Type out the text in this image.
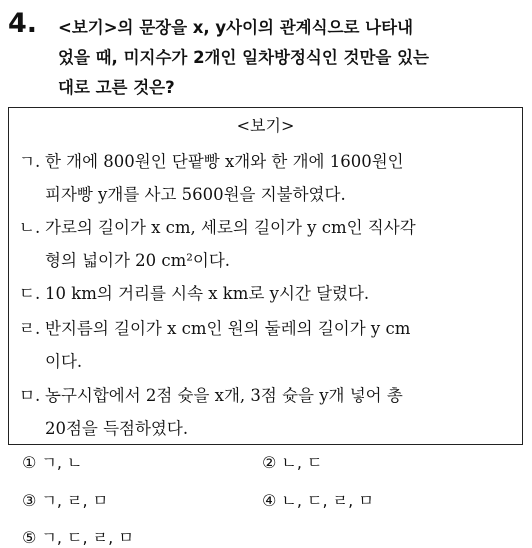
4. <보기>의 문장을 x, y사이의 관계식으로 나타내
었을 때, 미지수가 2개인 일차방정식인 것만을 있는
대로 고른 것은?
<보기>
ㄱ. 한 개에 800원인 단팥빵 x개와 한 개에 1600원인
피자빵 y개를 사고 5600원을 지불하였다.
ㄴ. 가로의 길이가 x cm, 세로의 길이가 y cm인 직사각
형의 넓이가 20 cm²이다.
ㄷ. 10 km의 거리를 시속 x km로 y시간 달렸다.
ㄹ. 반지름의 길이가 x cm인 원의 둘레의 길이가 y cm
이다.
ㅁ. 농구시합에서 2점 슛을 x개, 3점 슛을 y개 넣어 총
20점을 득점하였다.
① ㄱ, ㄴ	② ㄴ, ㄷ
③ ㄱ, ㄹ, ㅁ	④ ㄴ, ㄷ, ㄹ, ㅁ
⑤ ㄱ, ㄷ, ㄹ, ㅁ
